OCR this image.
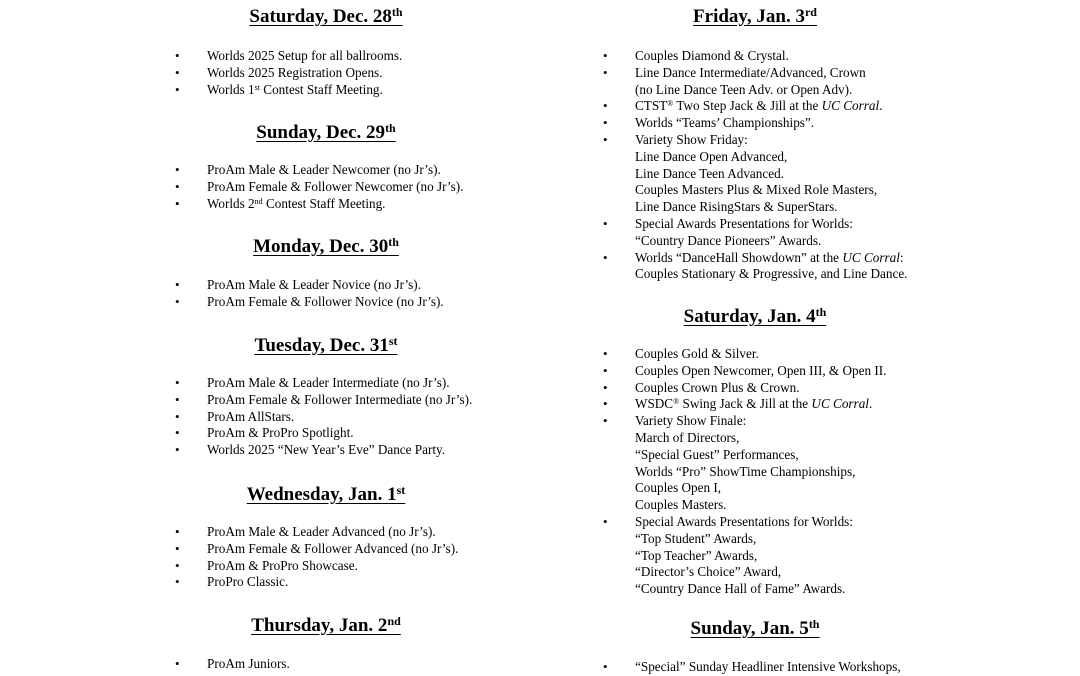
Saturday, Dec. 28th
• Worlds 2025 Setup for all ballrooms.
• Worlds 2025 Registration Opens.
• Worlds 1st Contest Staff Meeting.
Sunday, Dec. 29th
• ProAm Male & Leader Newcomer (no Jr’s).
• ProAm Female & Follower Newcomer (no Jr’s).
• Worlds 2nd Contest Staff Meeting.
Monday, Dec. 30th
• ProAm Male & Leader Novice (no Jr’s).
• ProAm Female & Follower Novice (no Jr’s).
Tuesday, Dec. 31st
• ProAm Male & Leader Intermediate (no Jr’s).
• ProAm Female & Follower Intermediate (no Jr’s).
• ProAm AllStars.
• ProAm & ProPro Spotlight.
• Worlds 2025 “New Year’s Eve” Dance Party.
Wednesday, Jan. 1st
• ProAm Male & Leader Advanced (no Jr’s).
• ProAm Female & Follower Advanced (no Jr’s).
• ProAm & ProPro Showcase.
• ProPro Classic.
Thursday, Jan. 2nd
• ProAm Juniors.
Friday, Jan. 3rd
• Couples Diamond & Crystal.
• Line Dance Intermediate/Advanced, Crown
(no Line Dance Teen Adv. or Open Adv).
• CTST® Two Step Jack & Jill at the UC Corral.
• Worlds “Teams’ Championships”.
• Variety Show Friday:
Line Dance Open Advanced,
Line Dance Teen Advanced.
Couples Masters Plus & Mixed Role Masters,
Line Dance RisingStars & SuperStars.
• Special Awards Presentations for Worlds:
“Country Dance Pioneers” Awards.
• Worlds “DanceHall Showdown” at the UC Corral:
Couples Stationary & Progressive, and Line Dance.
Saturday, Jan. 4th
• Couples Gold & Silver.
• Couples Open Newcomer, Open III, & Open II.
• Couples Crown Plus & Crown.
• WSDC® Swing Jack & Jill at the UC Corral.
• Variety Show Finale:
March of Directors,
“Special Guest” Performances,
Worlds “Pro” ShowTime Championships,
Couples Open I,
Couples Masters.
• Special Awards Presentations for Worlds:
“Top Student” Awards,
“Top Teacher” Awards,
“Director’s Choice” Award,
“Country Dance Hall of Fame” Awards.
Sunday, Jan. 5th
• “Special” Sunday Headliner Intensive Workshops,
